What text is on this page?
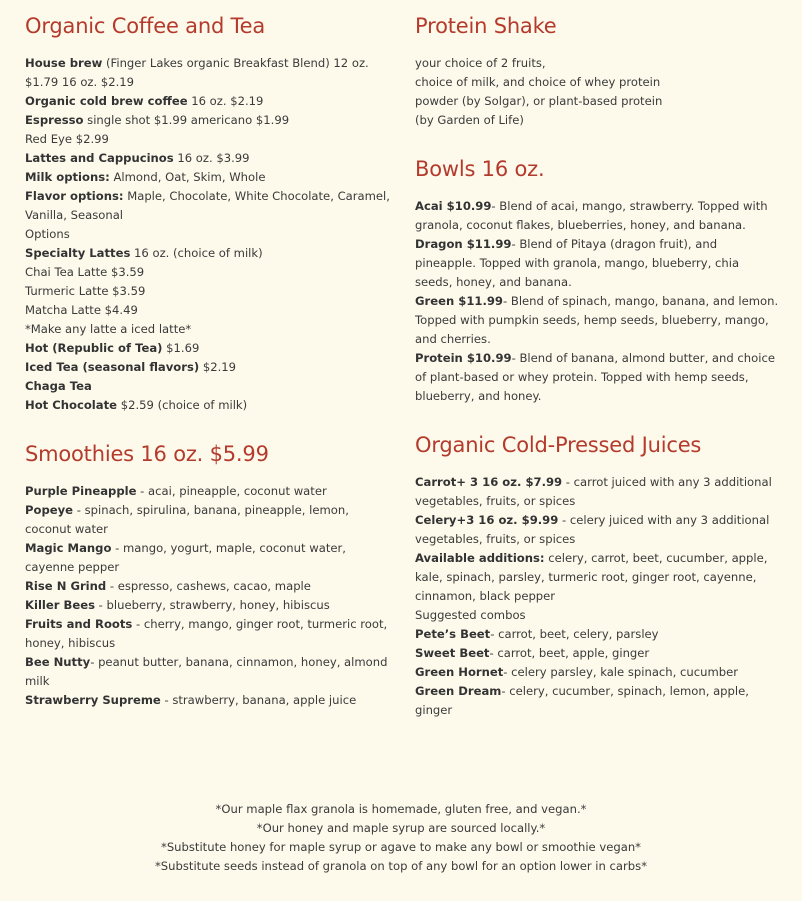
Organic Coffee and Tea

House brew (Finger Lakes organic Breakfast Blend) 12 oz. $1.79 16 oz. $2.19

Organic cold brew coffee 16 oz. $2.19

Espresso single shot $1.99 americano $1.99

Red Eye $2.99

Lattes and Cappucinos 16 oz. $3.99

Milk options: Almond, Oat, Skim, Whole

Flavor options: Maple, Chocolate, White Chocolate, Caramel, Vanilla, Seasonal

Options

Specialty Lattes 16 oz. (choice of milk)

Chai Tea Latte $3.59

Turmeric Latte $3.59

Matcha Latte $4.49

*Make any latte a iced latte*

Hot (Republic of Tea) $1.69

Iced Tea (seasonal flavors) $2.19

Chaga Tea

Hot Chocolate $2.59 (choice of milk)

Smoothies 16 oz. $5.99

Purple Pineapple - acai, pineapple, coconut water

Popeye - spinach, spirulina, banana, pineapple, lemon, coconut water

Magic Mango - mango, yogurt, maple, coconut water, cayenne pepper

Rise N Grind - espresso, cashews, cacao, maple

Killer Bees - blueberry, strawberry, honey, hibiscus

Fruits and Roots - cherry, mango, ginger root, turmeric root, honey, hibiscus

Bee Nutty- peanut butter, banana, cinnamon, honey, almond milk

Strawberry Supreme - strawberry, banana, apple juice

Protein Shake

your choice of 2 fruits,

choice of milk, and choice of whey protein

powder (by Solgar), or plant-based protein

(by Garden of Life)

Bowls 16 oz.

Acai $10.99- Blend of acai, mango, strawberry. Topped with granola, coconut flakes, blueberries, honey, and banana.

Dragon $11.99- Blend of Pitaya (dragon fruit), and pineapple. Topped with granola, mango, blueberry, chia seeds, honey, and banana.

Green $11.99- Blend of spinach, mango, banana, and lemon. Topped with pumpkin seeds, hemp seeds, blueberry, mango, and cherries.

Protein $10.99- Blend of banana, almond butter, and choice of plant-based or whey protein. Topped with hemp seeds, blueberry, and honey.

Organic Cold-Pressed Juices

Carrot+ 3 16 oz. $7.99 - carrot juiced with any 3 additional vegetables, fruits, or spices

Celery+3 16 oz. $9.99 - celery juiced with any 3 additional vegetables, fruits, or spices

Available additions: celery, carrot, beet, cucumber, apple, kale, spinach, parsley, turmeric root, ginger root, cayenne, cinnamon, black pepper

Suggested combos

Pete’s Beet- carrot, beet, celery, parsley

Sweet Beet- carrot, beet, apple, ginger

Green Hornet- celery parsley, kale spinach, cucumber

Green Dream- celery, cucumber, spinach, lemon, apple, ginger

*Our maple flax granola is homemade, gluten free, and vegan.*

*Our honey and maple syrup are sourced locally.*

*Substitute honey for maple syrup or agave to make any bowl or smoothie vegan*

*Substitute seeds instead of granola on top of any bowl for an option lower in carbs*
